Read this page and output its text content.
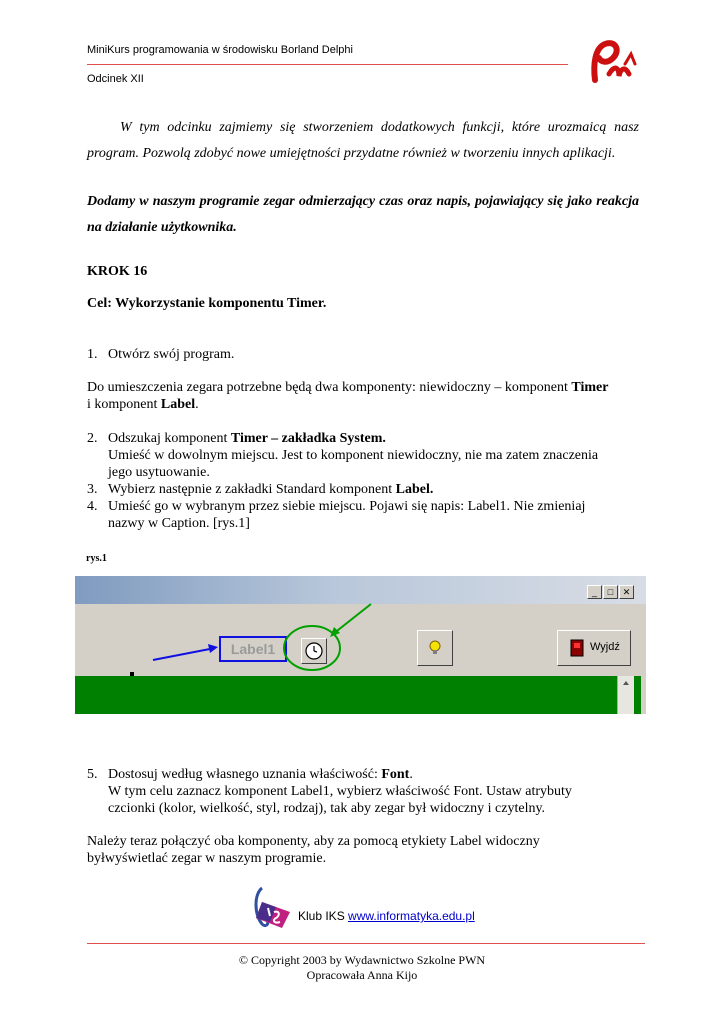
MiniKurs programowania w środowisku Borland Delphi
Odcinek XII
W tym odcinku zajmiemy się stworzeniem dodatkowych funkcji, które urozmaicą nasz program. Pozwolą zdobyć nowe umiejętności przydatne również w tworzeniu innych aplikacji.
Dodamy w naszym programie zegar odmierzający czas oraz napis, pojawiający się jako reakcja na działanie użytkownika.
KROK 16
Cel: Wykorzystanie komponentu Timer.
1. Otwórz swój program.
Do umieszczenia zegara potrzebne będą dwa komponenty: niewidoczny – komponent Timer
i komponent Label.
2. Odszukaj komponent Timer – zakładka System.
Umieść w dowolnym miejscu. Jest to komponent niewidoczny, nie ma zatem znaczenia
jego usytuowanie.
3. Wybierz następnie z zakładki Standard komponent Label.
4. Umieść go w wybranym przez siebie miejscu. Pojawi się napis: Label1. Nie zmieniaj
nazwy w Caption. [rys.1]
rys.1
_	□	✕
Label1	Wyjdź
5. Dostosuj według własnego uznania właściwość: Font.
W tym celu zaznacz komponent Label1, wybierz właściwość Font. Ustaw atrybuty
czcionki (kolor, wielkość, styl, rodzaj), tak aby zegar był widoczny i czytelny.
Należy teraz połączyć oba komponenty, aby za pomocą etykiety Label widoczny
byłwyświetlać zegar w naszym programie.
Klub IKS www.informatyka.edu.pl
© Copyright 2003 by Wydawnictwo Szkolne PWN
Opracowała Anna Kijo
